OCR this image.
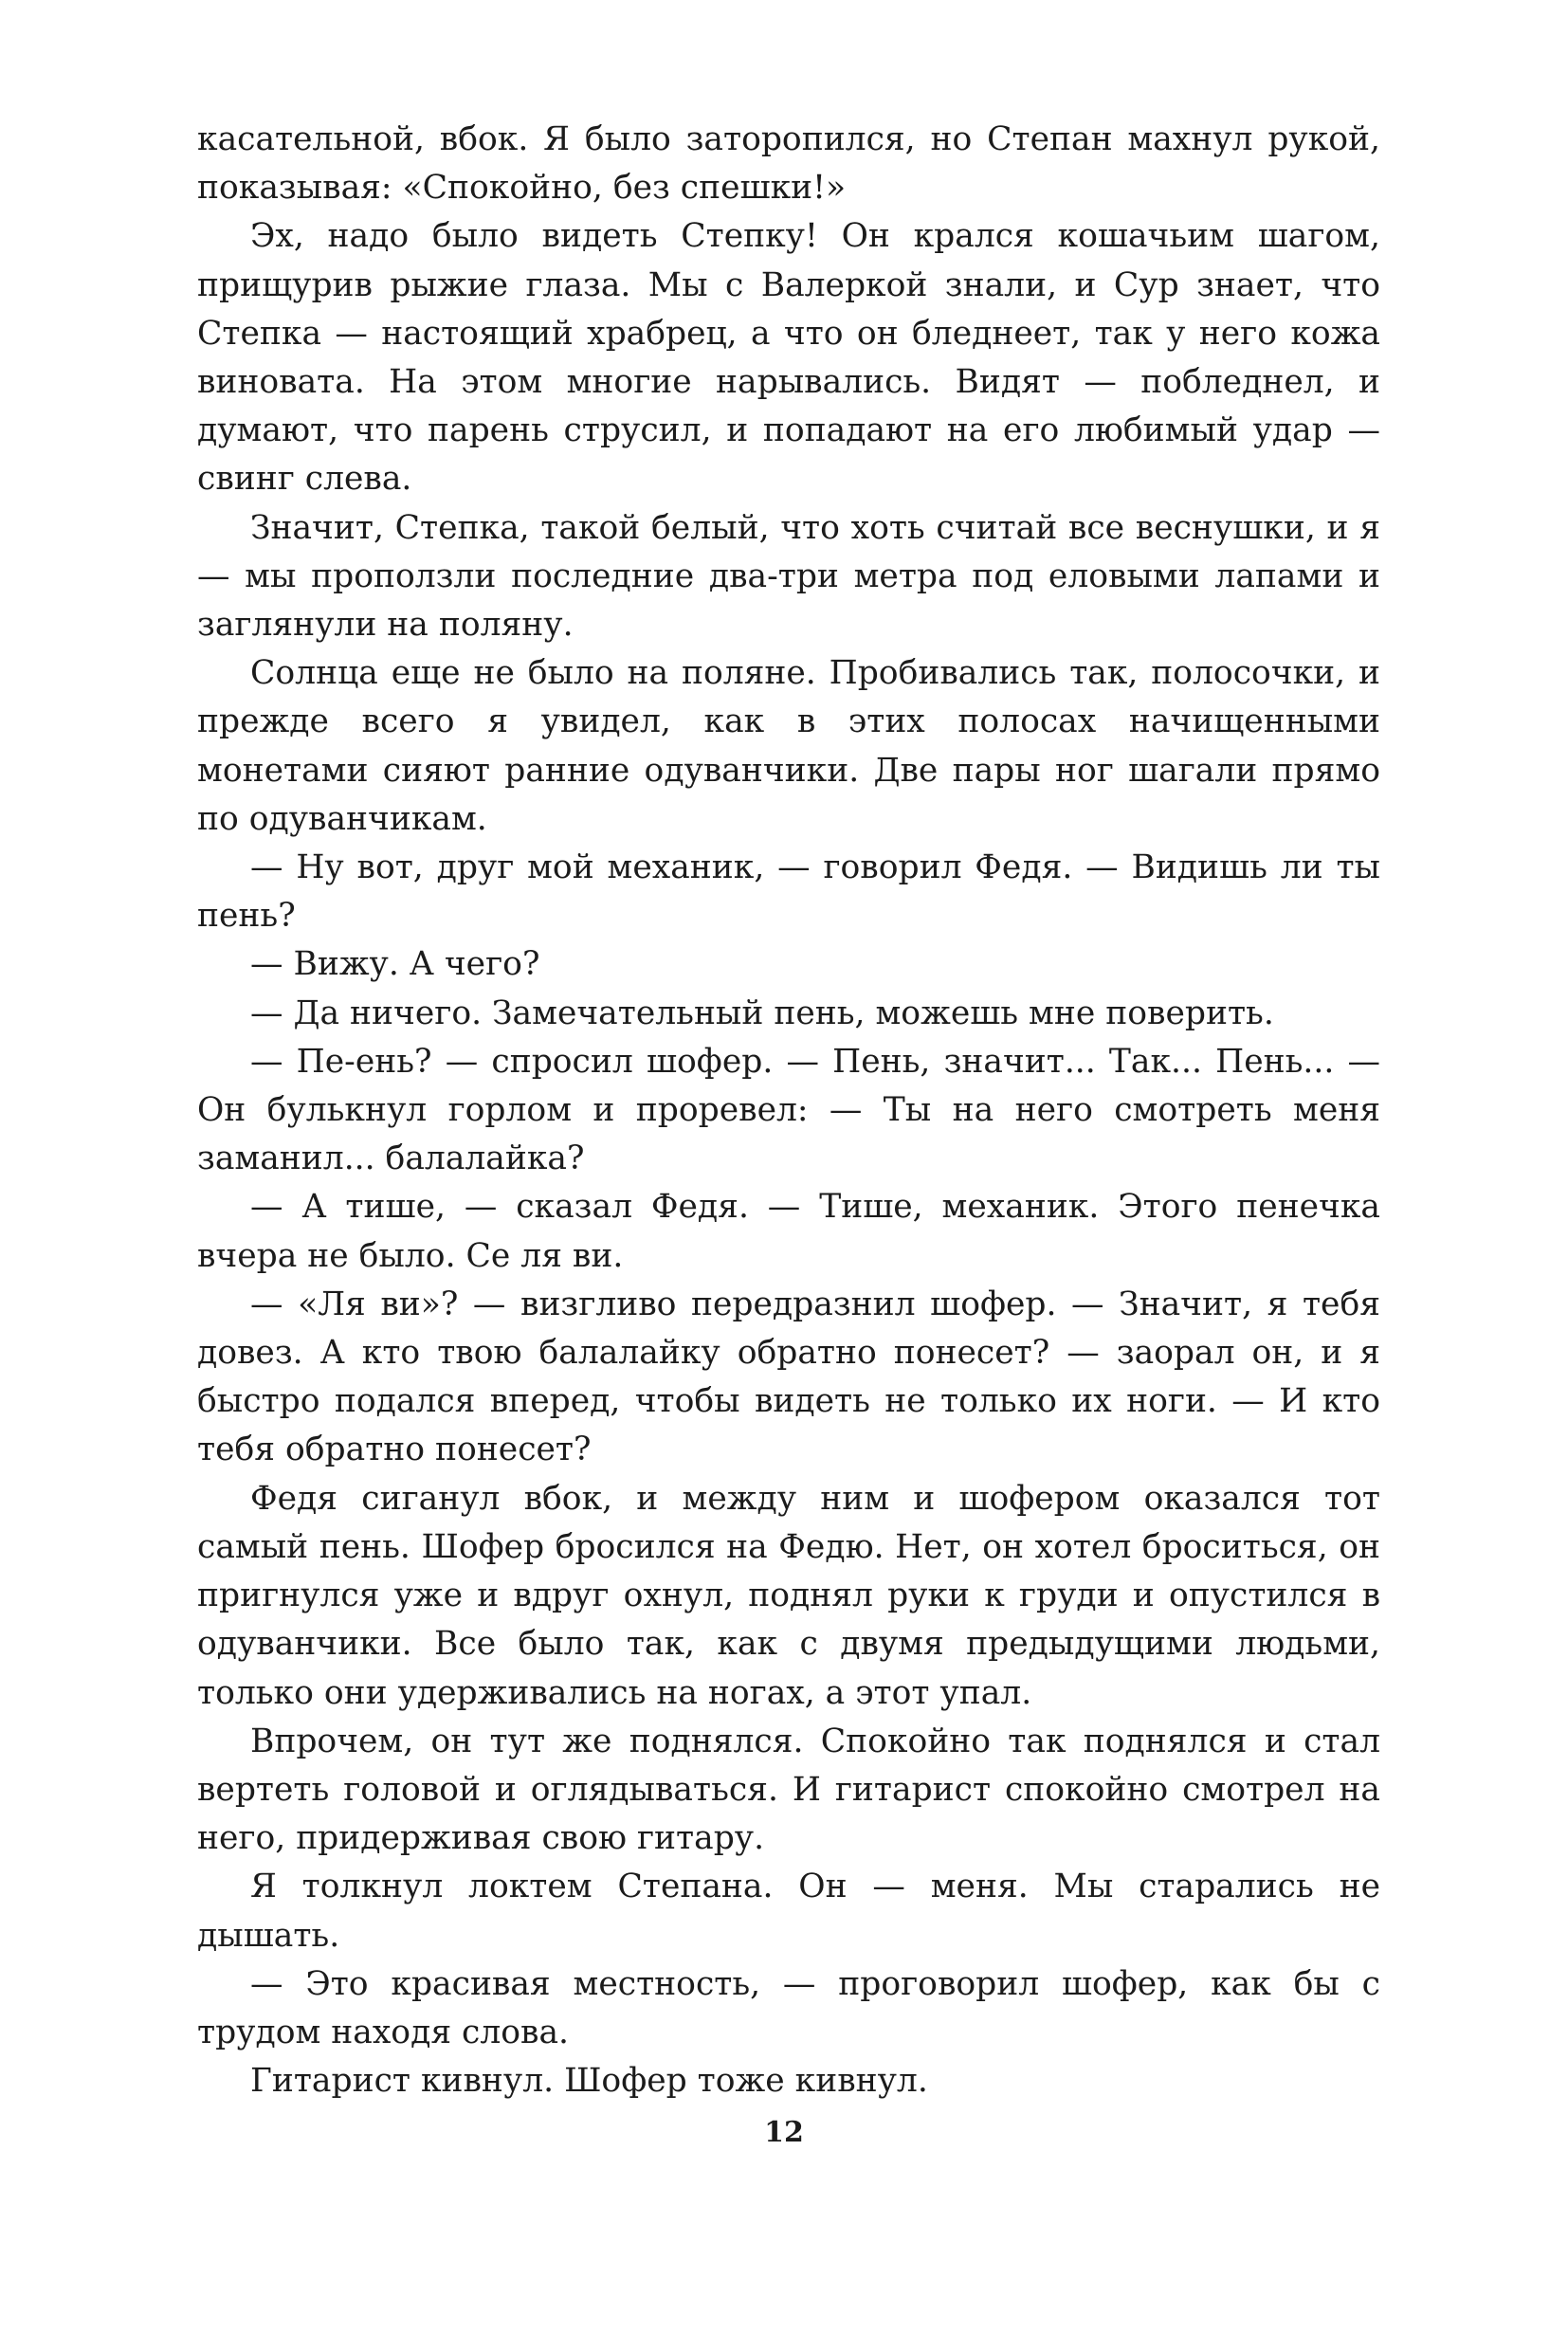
касательной, вбок. Я было заторопился, но Степан махнул рукой, показывая: «Спокойно, без спешки!»

Эх, надо было видеть Степку! Он крался кошачьим шагом, прищурив рыжие глаза. Мы с Валеркой знали, и Сур знает, что Степка — настоящий храбрец, а что он бледнеет, так у него кожа виновата. На этом многие нарывались. Видят — побледнел, и думают, что парень струсил, и попадают на его любимый удар — свинг слева.

Значит, Степка, такой белый, что хоть считай все веснушки, и я — мы проползли последние два-три метра под еловыми лапами и заглянули на поляну.

Солнца еще не было на поляне. Пробивались так, полосочки, и прежде всего я увидел, как в этих полосах начищенными монетами сияют ранние одуванчики. Две пары ног шагали прямо по одуванчикам.

— Ну вот, друг мой механик, — говорил Федя. — Видишь ли ты пень?

— Вижу. А чего?

— Да ничего. Замечательный пень, можешь мне поверить.

— Пе-ень? — спросил шофер. — Пень, значит... Так... Пень... — Он булькнул горлом и проревел: — Ты на него смотреть меня заманил... балалайка?

— А тише, — сказал Федя. — Тише, механик. Этого пенечка вчера не было. Се ля ви.

— «Ля ви»? — визгливо передразнил шофер. — Значит, я тебя довез. А кто твою балалайку обратно понесет? — заорал он, и я быстро подался вперед, чтобы видеть не только их ноги. — И кто тебя обратно понесет?

Федя сиганул вбок, и между ним и шофером оказался тот самый пень. Шофер бросился на Федю. Нет, он хотел броситься, он пригнулся уже и вдруг охнул, поднял руки к груди и опустился в одуванчики. Все было так, как с двумя предыдущими людьми, только они удерживались на ногах, а этот упал.

Впрочем, он тут же поднялся. Спокойно так поднялся и стал вертеть головой и оглядываться. И гитарист спокойно смотрел на него, придерживая свою гитару.

Я толкнул локтем Степана. Он — меня. Мы старались не дышать.

— Это красивая местность, — проговорил шофер, как бы с трудом находя слова.

Гитарист кивнул. Шофер тоже кивнул.

12
